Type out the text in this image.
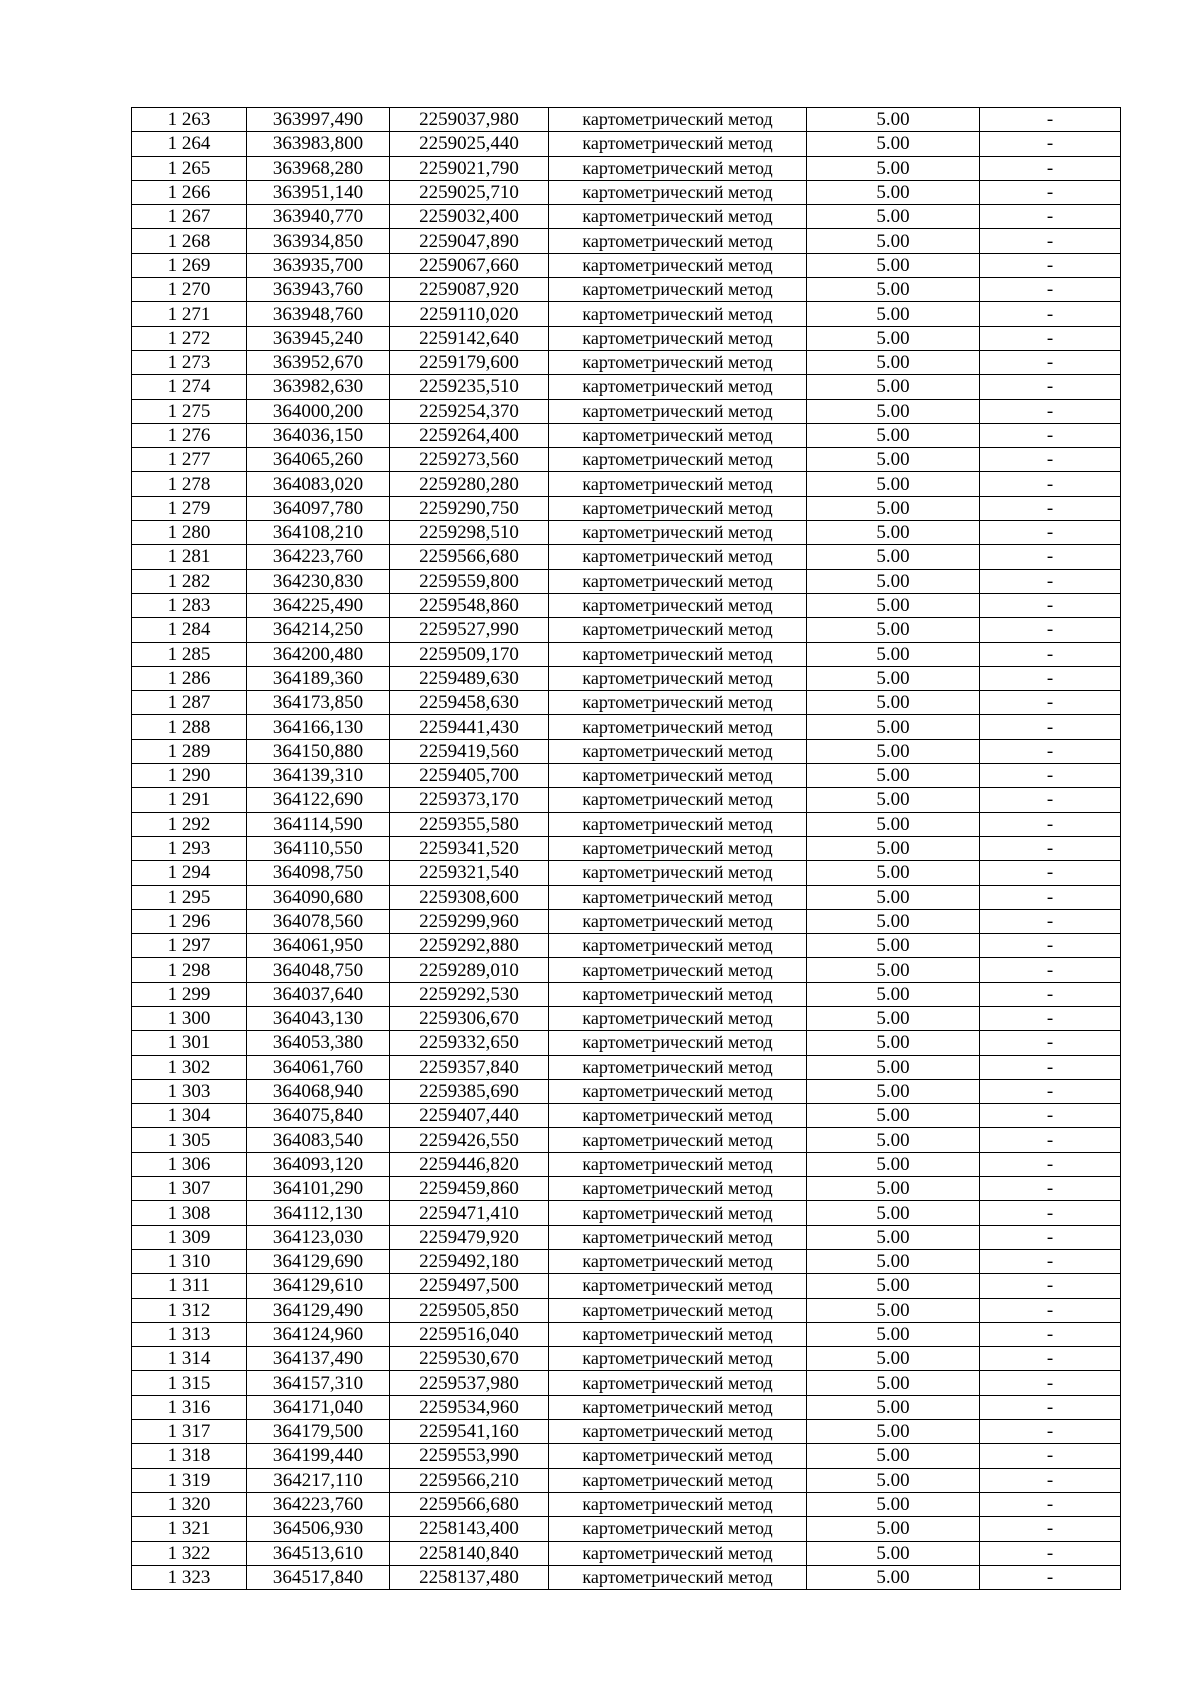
1 263	363997,490	2259037,980	картометрический метод	5.00	-
1 264	363983,800	2259025,440	картометрический метод	5.00	-
1 265	363968,280	2259021,790	картометрический метод	5.00	-
1 266	363951,140	2259025,710	картометрический метод	5.00	-
1 267	363940,770	2259032,400	картометрический метод	5.00	-
1 268	363934,850	2259047,890	картометрический метод	5.00	-
1 269	363935,700	2259067,660	картометрический метод	5.00	-
1 270	363943,760	2259087,920	картометрический метод	5.00	-
1 271	363948,760	2259110,020	картометрический метод	5.00	-
1 272	363945,240	2259142,640	картометрический метод	5.00	-
1 273	363952,670	2259179,600	картометрический метод	5.00	-
1 274	363982,630	2259235,510	картометрический метод	5.00	-
1 275	364000,200	2259254,370	картометрический метод	5.00	-
1 276	364036,150	2259264,400	картометрический метод	5.00	-
1 277	364065,260	2259273,560	картометрический метод	5.00	-
1 278	364083,020	2259280,280	картометрический метод	5.00	-
1 279	364097,780	2259290,750	картометрический метод	5.00	-
1 280	364108,210	2259298,510	картометрический метод	5.00	-
1 281	364223,760	2259566,680	картометрический метод	5.00	-
1 282	364230,830	2259559,800	картометрический метод	5.00	-
1 283	364225,490	2259548,860	картометрический метод	5.00	-
1 284	364214,250	2259527,990	картометрический метод	5.00	-
1 285	364200,480	2259509,170	картометрический метод	5.00	-
1 286	364189,360	2259489,630	картометрический метод	5.00	-
1 287	364173,850	2259458,630	картометрический метод	5.00	-
1 288	364166,130	2259441,430	картометрический метод	5.00	-
1 289	364150,880	2259419,560	картометрический метод	5.00	-
1 290	364139,310	2259405,700	картометрический метод	5.00	-
1 291	364122,690	2259373,170	картометрический метод	5.00	-
1 292	364114,590	2259355,580	картометрический метод	5.00	-
1 293	364110,550	2259341,520	картометрический метод	5.00	-
1 294	364098,750	2259321,540	картометрический метод	5.00	-
1 295	364090,680	2259308,600	картометрический метод	5.00	-
1 296	364078,560	2259299,960	картометрический метод	5.00	-
1 297	364061,950	2259292,880	картометрический метод	5.00	-
1 298	364048,750	2259289,010	картометрический метод	5.00	-
1 299	364037,640	2259292,530	картометрический метод	5.00	-
1 300	364043,130	2259306,670	картометрический метод	5.00	-
1 301	364053,380	2259332,650	картометрический метод	5.00	-
1 302	364061,760	2259357,840	картометрический метод	5.00	-
1 303	364068,940	2259385,690	картометрический метод	5.00	-
1 304	364075,840	2259407,440	картометрический метод	5.00	-
1 305	364083,540	2259426,550	картометрический метод	5.00	-
1 306	364093,120	2259446,820	картометрический метод	5.00	-
1 307	364101,290	2259459,860	картометрический метод	5.00	-
1 308	364112,130	2259471,410	картометрический метод	5.00	-
1 309	364123,030	2259479,920	картометрический метод	5.00	-
1 310	364129,690	2259492,180	картометрический метод	5.00	-
1 311	364129,610	2259497,500	картометрический метод	5.00	-
1 312	364129,490	2259505,850	картометрический метод	5.00	-
1 313	364124,960	2259516,040	картометрический метод	5.00	-
1 314	364137,490	2259530,670	картометрический метод	5.00	-
1 315	364157,310	2259537,980	картометрический метод	5.00	-
1 316	364171,040	2259534,960	картометрический метод	5.00	-
1 317	364179,500	2259541,160	картометрический метод	5.00	-
1 318	364199,440	2259553,990	картометрический метод	5.00	-
1 319	364217,110	2259566,210	картометрический метод	5.00	-
1 320	364223,760	2259566,680	картометрический метод	5.00	-
1 321	364506,930	2258143,400	картометрический метод	5.00	-
1 322	364513,610	2258140,840	картометрический метод	5.00	-
1 323	364517,840	2258137,480	картометрический метод	5.00	-
